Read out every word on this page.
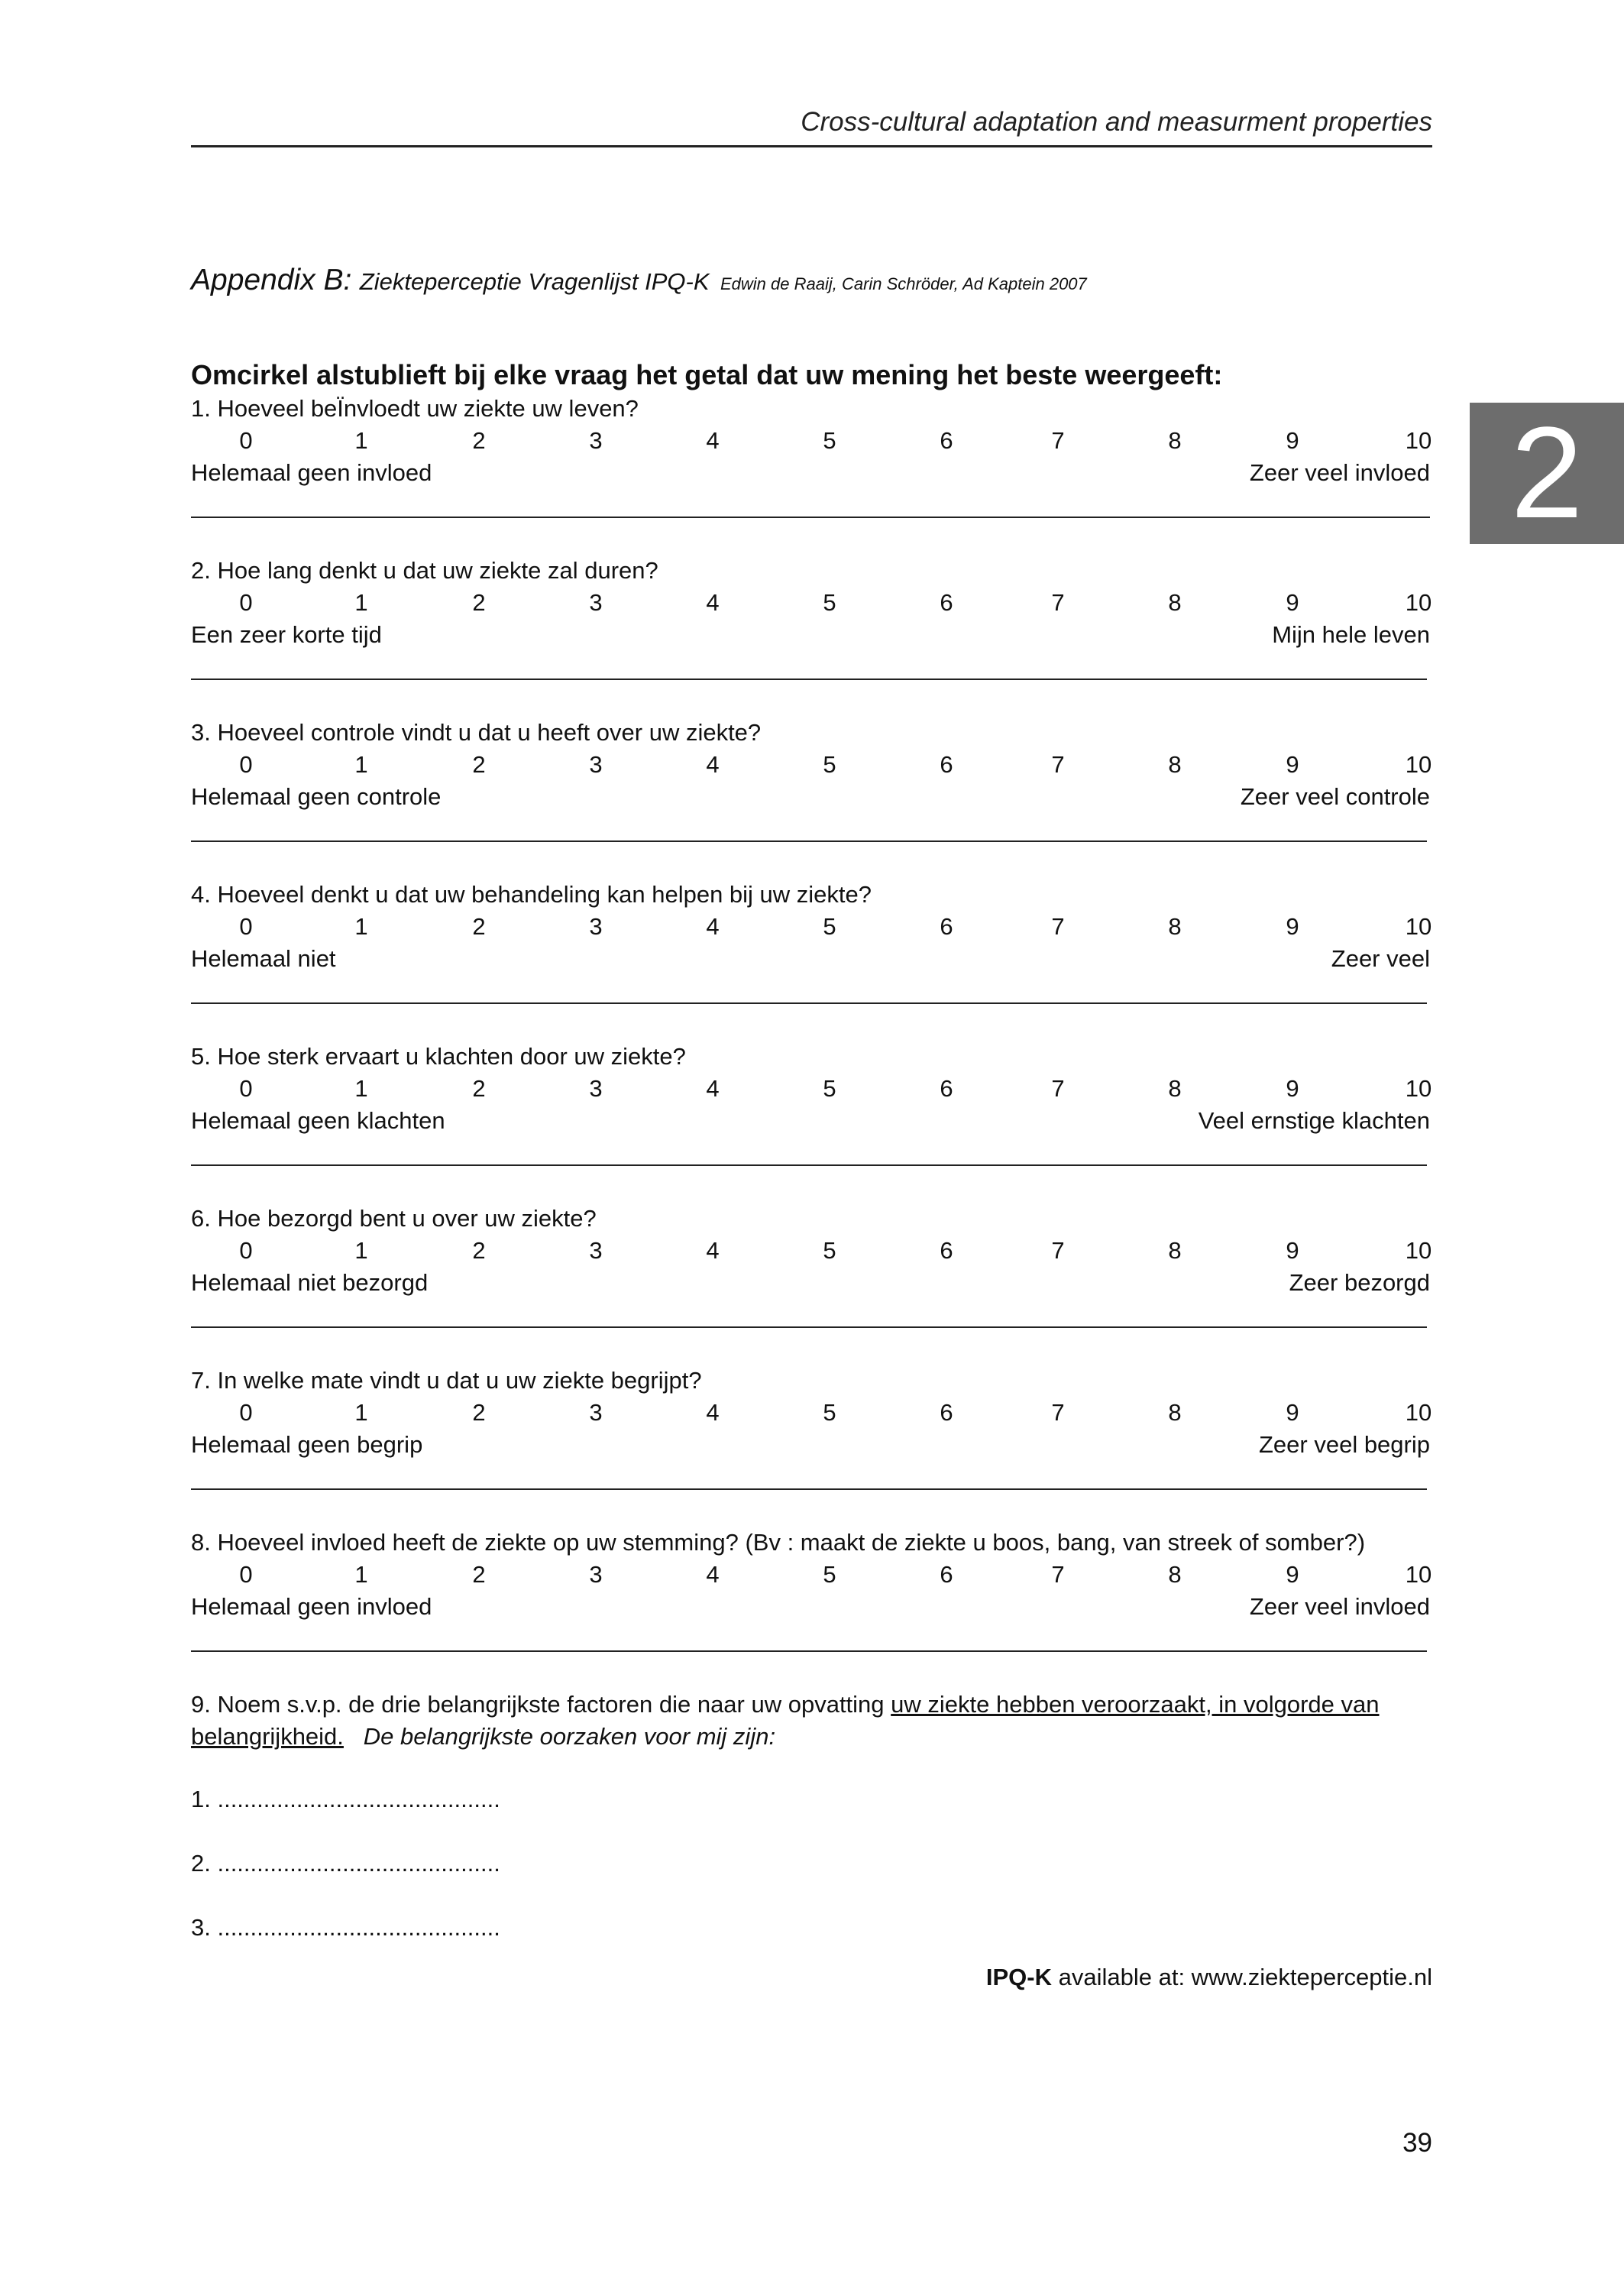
Cross-cultural adaptation and measurment properties
2
Appendix B: Ziekteperceptie Vragenlijst IPQ-K Edwin de Raaij, Carin Schröder, Ad Kaptein 2007
Omcirkel alstublieft bij elke vraag het getal dat uw mening het beste weergeeft:
1. Hoeveel beÏnvloedt uw ziekte uw leven?
0	1	2	3	4	5	6	7	8	9	10
Helemaal geen invloed	Zeer veel invloed
2. Hoe lang denkt u dat uw ziekte zal duren?
0	1	2	3	4	5	6	7	8	9	10
Een zeer korte tijd	Mijn hele leven
3. Hoeveel controle vindt u dat u heeft over uw ziekte?
0	1	2	3	4	5	6	7	8	9	10
Helemaal geen controle	Zeer veel controle
4. Hoeveel denkt u dat uw behandeling kan helpen bij uw ziekte?
0	1	2	3	4	5	6	7	8	9	10
Helemaal niet	Zeer veel
5. Hoe sterk ervaart u klachten door uw ziekte?
0	1	2	3	4	5	6	7	8	9	10
Helemaal geen klachten	Veel ernstige klachten
6. Hoe bezorgd bent u over uw ziekte?
0	1	2	3	4	5	6	7	8	9	10
Helemaal niet bezorgd	Zeer bezorgd
7. In welke mate vindt u dat u uw ziekte begrijpt?
0	1	2	3	4	5	6	7	8	9	10
Helemaal geen begrip	Zeer veel begrip
8. Hoeveel invloed heeft de ziekte op uw stemming? (Bv : maakt de ziekte u boos, bang, van streek of somber?)
0	1	2	3	4	5	6	7	8	9	10
Helemaal geen invloed	Zeer veel invloed
9. Noem s.v.p. de drie belangrijkste factoren die naar uw opvatting uw ziekte hebben veroorzaakt, in volgorde van belangrijkheid. De belangrijkste oorzaken voor mij zijn:
1. ...........................................
2. ...........................................
3. ...........................................
IPQ-K available at: www.ziekteperceptie.nl
39
